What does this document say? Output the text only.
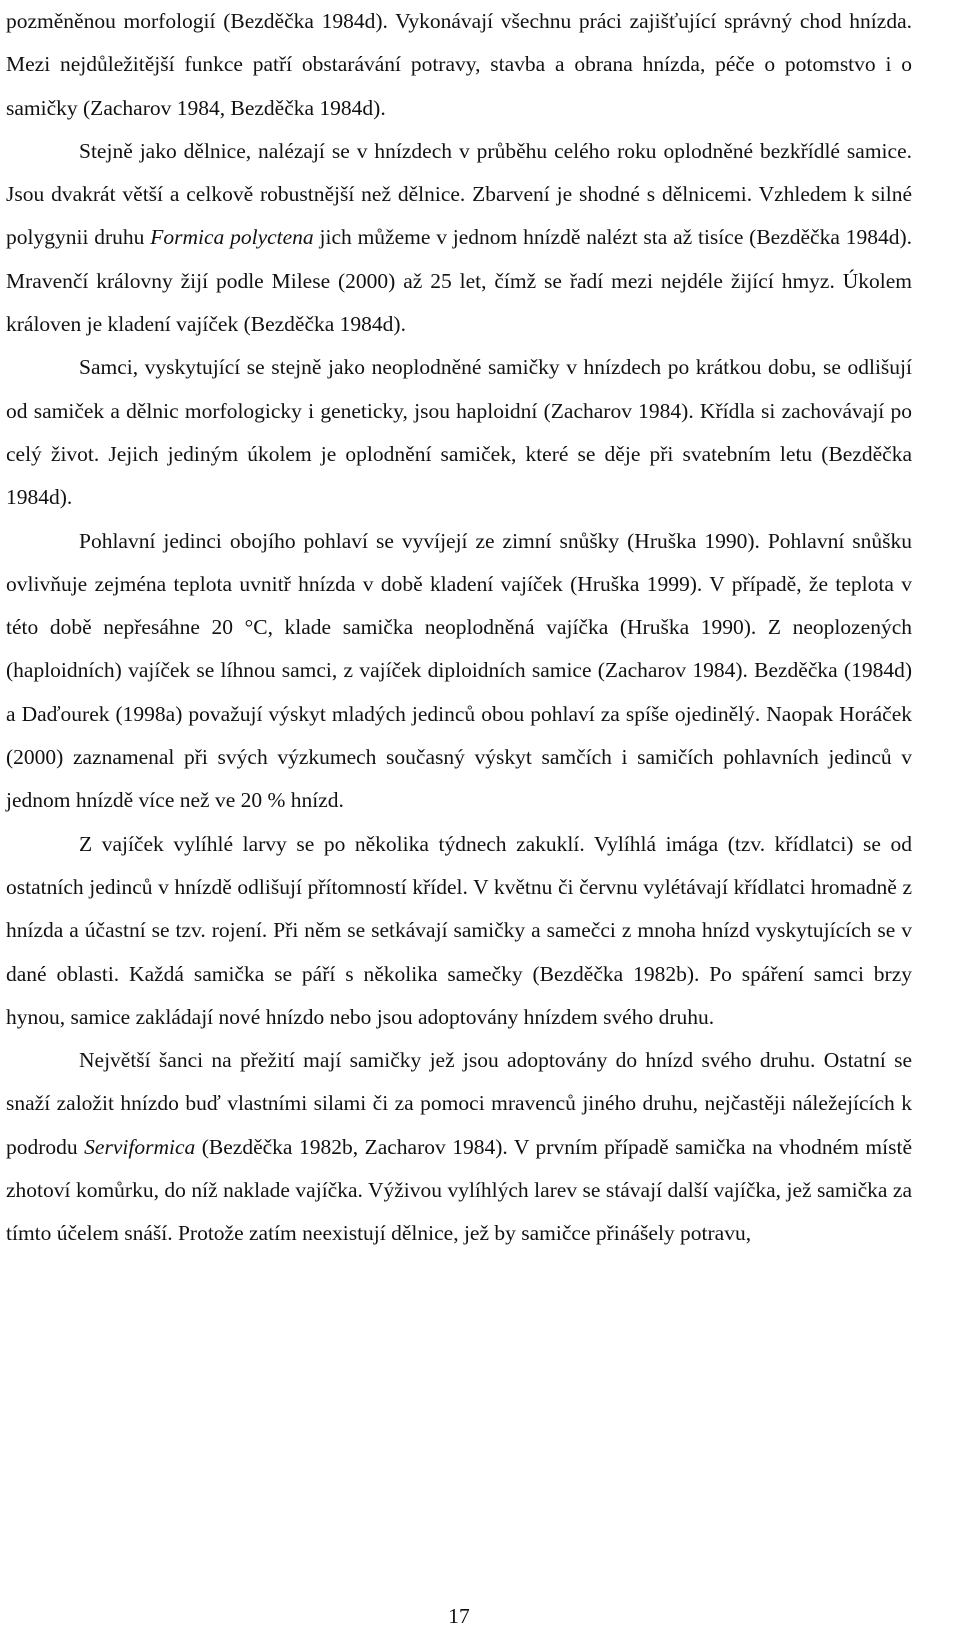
pozměněnou morfologií (Bezděčka 1984d). Vykonávají všechnu práci zajišťující správný chod hnízda. Mezi nejdůležitější funkce patří obstarávání potravy, stavba a obrana hnízda, péče o potomstvo i o samičky (Zacharov 1984, Bezděčka 1984d).

Stejně jako dělnice, nalézají se v hnízdech v průběhu celého roku oplodněné bezkřídlé samice. Jsou dvakrát větší a celkově robustnější než dělnice. Zbarvení je shodné s dělnicemi. Vzhledem k silné polygynii druhu Formica polyctena jich můžeme v jednom hnízdě nalézt sta až tisíce (Bezděčka 1984d). Mravenčí královny žijí podle Milese (2000) až 25 let, čímž se řadí mezi nejdéle žijící hmyz. Úkolem královen je kladení vajíček (Bezděčka 1984d).

Samci, vyskytující se stejně jako neoplodněné samičky v hnízdech po krátkou dobu, se odlišují od samiček a dělnic morfologicky i geneticky, jsou haploidní (Zacharov 1984). Křídla si zachovávají po celý život. Jejich jediným úkolem je oplodnění samiček, které se děje při svatebním letu (Bezděčka 1984d).

Pohlavní jedinci obojího pohlaví se vyvíjejí ze zimní snůšky (Hruška 1990). Pohlavní snůšku ovlivňuje zejména teplota uvnitř hnízda v době kladení vajíček (Hruška 1999). V případě, že teplota v této době nepřesáhne 20 °C, klade samička neoplodněná vajíčka (Hruška 1990). Z neoplozených (haploidních) vajíček se líhnou samci, z vajíček diploidních samice (Zacharov 1984). Bezděčka (1984d) a Daďourek (1998a) považují výskyt mladých jedinců obou pohlaví za spíše ojedinělý. Naopak Horáček (2000) zaznamenal při svých výzkumech současný výskyt samčích i samičích pohlavních jedinců v jednom hnízdě více než ve 20 % hnízd.

Z vajíček vylíhlé larvy se po několika týdnech zakuklí. Vylíhlá imága (tzv. křídlatci) se od ostatních jedinců v hnízdě odlišují přítomností křídel. V květnu či červnu vylétávají křídlatci hromadně z hnízda a účastní se tzv. rojení. Při něm se setkávají samičky a samečci z mnoha hnízd vyskytujících se v dané oblasti. Každá samička se páří s několika samečky (Bezděčka 1982b). Po spáření samci brzy hynou, samice zakládají nové hnízdo nebo jsou adoptovány hnízdem svého druhu.

Největší šanci na přežití mají samičky jež jsou adoptovány do hnízd svého druhu. Ostatní se snaží založit hnízdo buď vlastními silami či za pomoci mravenců jiného druhu, nejčastěji náležejících k podrodu Serviformica (Bezděčka 1982b, Zacharov 1984). V prvním případě samička na vhodném místě zhotoví komůrku, do níž naklade vajíčka. Výživou vylíhlých larev se stávají další vajíčka, jež samička za tímto účelem snáší. Protože zatím neexistují dělnice, jež by samičce přinášely potravu,

17
